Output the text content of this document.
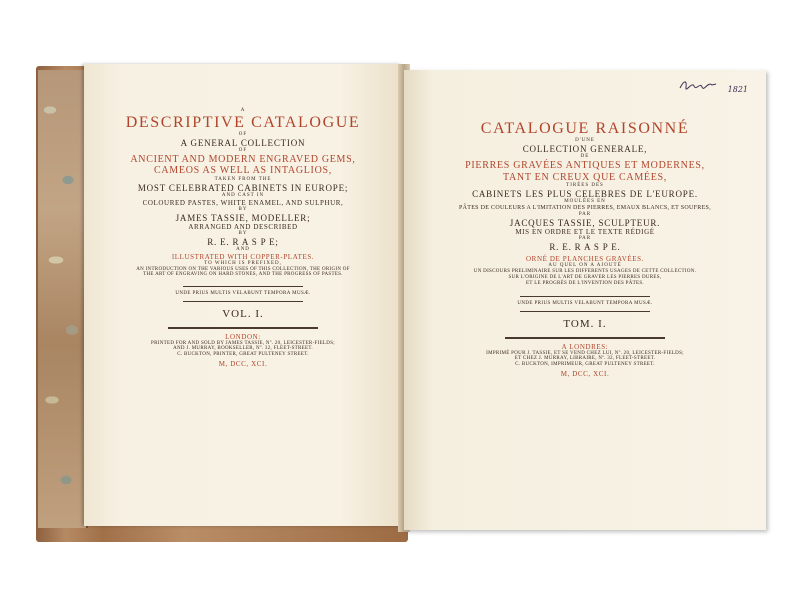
A
DESCRIPTIVE CATALOGUE
OF
A GENERAL COLLECTION
OF
ANCIENT AND MODERN ENGRAVED GEMS,
CAMEOS AS WELL AS INTAGLIOS,
TAKEN FROM THE
MOST CELEBRATED CABINETS IN EUROPE;
AND CAST IN
COLOURED PASTES, WHITE ENAMEL, AND SULPHUR,
BY
JAMES TASSIE, MODELLER;
ARRANGED AND DESCRIBED
BY
R. E. R A S P E;
AND
ILLUSTRATED WITH COPPER-PLATES.
TO WHICH IS PREFIXED,
AN INTRODUCTION ON THE VARIOUS USES OF THIS COLLECTION, THE ORIGIN OF
THE ART OF ENGRAVING ON HARD STONES, AND THE PROGRESS OF PASTES.
UNDE PRIUS MULTIS VELABUNT TEMPORA MUSÆ.
VOL. I.
LONDON:
PRINTED FOR AND SOLD BY JAMES TASSIE, Nº. 20, LEICESTER-FIELDS;
AND J. MURRAY, BOOKSELLER, Nº. 32, FLEET-STREET.
C. BUCKTON, PRINTER, GREAT PULTENEY STREET.
M, DCC, XCI.
1821
CATALOGUE RAISONNÉ
D'UNE
COLLECTION GENERALE,
DE
PIERRES GRAVÉES ANTIQUES ET MODERNES,
TANT EN CREUX QUE CAMÉES,
TIRÉES DES
CABINETS LES PLUS CELEBRES DE L'EUROPE.
MOULÉES EN
PÂTES DE COULEURS A L'IMITATION DES PIERRES, EMAUX BLANCS, ET SOUFRES,
PAR
JACQUES TASSIE, SCULPTEUR.
MIS EN ORDRE ET LE TEXTE RÉDIGÉ
PAR
R. E. R A S P E.
ORNÉ DE PLANCHES GRAVÉES.
AU QUEL ON A AJOUTÉ
UN DISCOURS PRELIMINAIRE SUR LES DIFFERENTS USAGES DE CETTE COLLECTION.
SUR L'ORIGINE DE L'ART DE GRAVER LES PIERRES DURES,
ET LE PROGRÈS DE L'INVENTION DES PÂTES.
UNDE PRIUS MULTIS VELABUNT TEMPORA MUSÆ.
TOM. I.
A LONDRES:
IMPRIMÉ POUR J. TASSIE, ET SE VEND CHEZ LUI, Nº. 20, LEICESTER-FIELDS;
ET CHEZ J. MURRAY, LIBRAIRE, Nº. 32, FLEET-STREET.
C. BUCKTON, IMPRIMEUR, GREAT PULTENEY STREET.
M, DCC, XCI.
